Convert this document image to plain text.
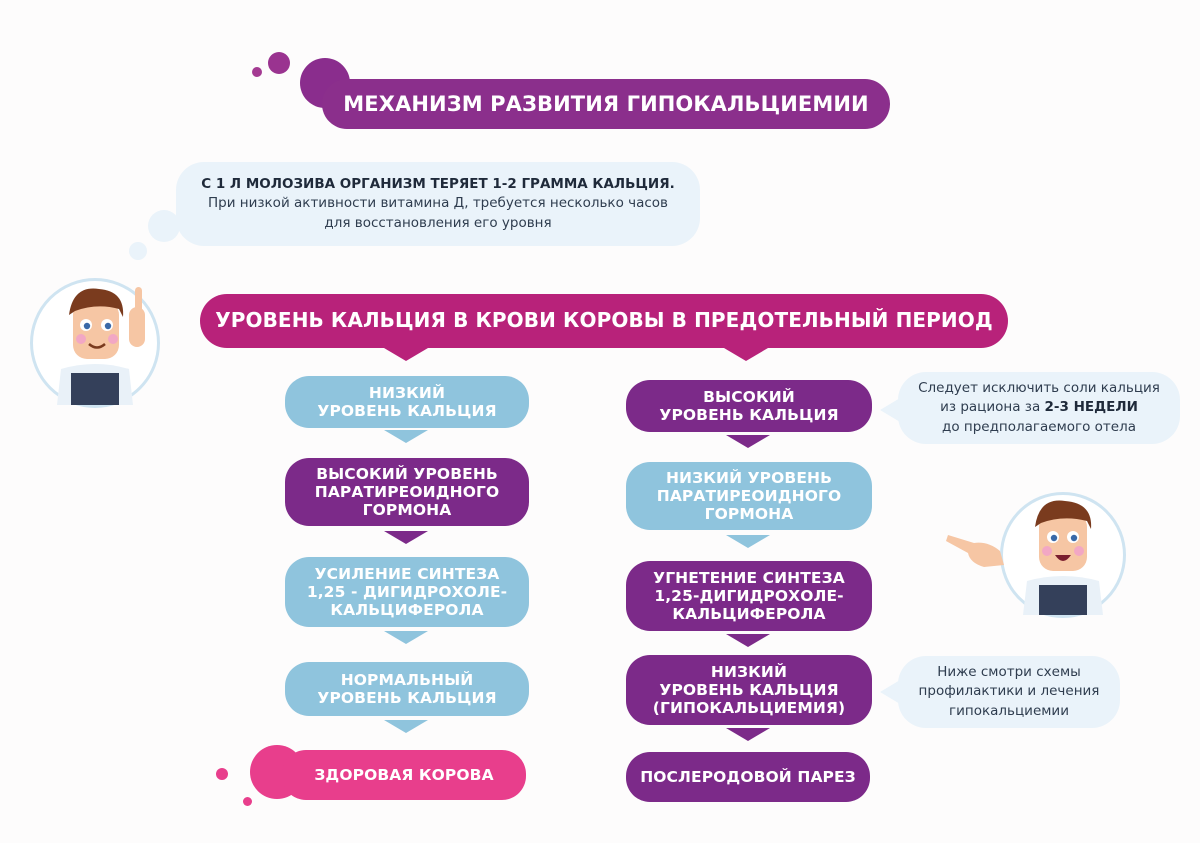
МЕХАНИЗМ РАЗВИТИЯ ГИПОКАЛЬЦИЕМИИ
С 1 Л МОЛОЗИВА ОРГАНИЗМ ТЕРЯЕТ 1-2 ГРАММА КАЛЬЦИЯ.
При низкой активности витамина Д, требуется несколько часов
для восстановления его уровня
УРОВЕНЬ КАЛЬЦИЯ В КРОВИ КОРОВЫ В ПРЕДОТЕЛЬНЫЙ ПЕРИОД
НИЗКИЙ
УРОВЕНЬ КАЛЬЦИЯ
ВЫСОКИЙ УРОВЕНЬ
ПАРАТИРЕОИДНОГО
ГОРМОНА
УСИЛЕНИЕ СИНТЕЗА
1,25 - ДИГИДРОХОЛЕ-
КАЛЬЦИФЕРОЛА
НОРМАЛЬНЫЙ
УРОВЕНЬ КАЛЬЦИЯ
ЗДОРОВАЯ КОРОВА
ВЫСОКИЙ
УРОВЕНЬ КАЛЬЦИЯ
НИЗКИЙ УРОВЕНЬ
ПАРАТИРЕОИДНОГО
ГОРМОНА
УГНЕТЕНИЕ СИНТЕЗА
1,25-ДИГИДРОХОЛЕ-
КАЛЬЦИФЕРОЛА
НИЗКИЙ
УРОВЕНЬ КАЛЬЦИЯ
(ГИПОКАЛЬЦИЕМИЯ)
ПОСЛЕРОДОВОЙ ПАРЕЗ
Следует исключить соли кальция
из рациона за 2-3 НЕДЕЛИ
до предполагаемого отела
Ниже смотри схемы
профилактики и лечения
гипокальциемии
